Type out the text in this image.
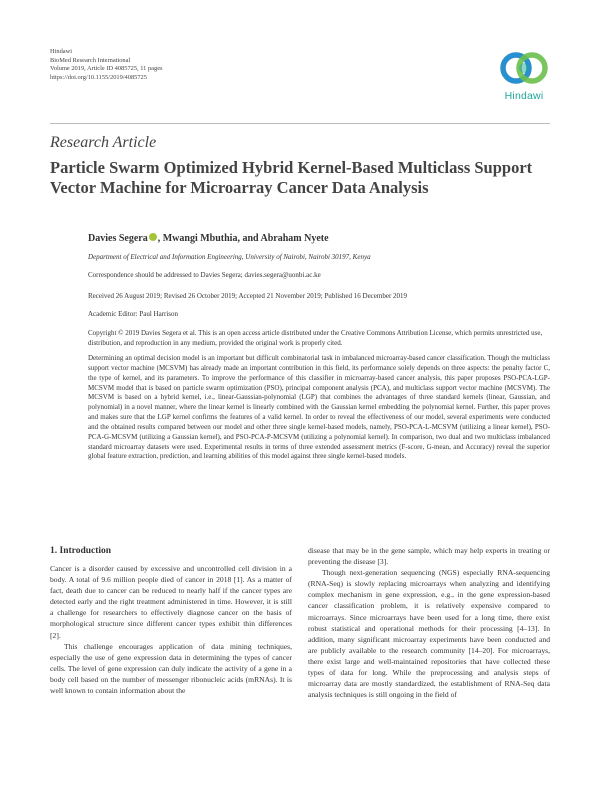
Hindawi
BioMed Research International
Volume 2019, Article ID 4085725, 11 pages
https://doi.org/10.1155/2019/4085725
Hindawi
Research Article
Particle Swarm Optimized Hybrid Kernel-Based Multiclass Support Vector Machine for Microarray Cancer Data Analysis
Davies Segera , Mwangi Mbuthia, and Abraham Nyete
Department of Electrical and Information Engineering, University of Nairobi, Nairobi 30197, Kenya
Correspondence should be addressed to Davies Segera; davies.segera@uonbi.ac.ke
Received 26 August 2019; Revised 26 October 2019; Accepted 21 November 2019; Published 16 December 2019
Academic Editor: Paul Harrison
Copyright © 2019 Davies Segera et al. This is an open access article distributed under the Creative Commons Attribution License, which permits unrestricted use, distribution, and reproduction in any medium, provided the original work is properly cited.
Determining an optimal decision model is an important but difficult combinatorial task in imbalanced microarray-based cancer classification. Though the multiclass support vector machine (MCSVM) has already made an important contribution in this field, its performance solely depends on three aspects: the penalty factor C, the type of kernel, and its parameters. To improve the performance of this classifier in microarray-based cancer analysis, this paper proposes PSO-PCA-LGP-MCSVM model that is based on particle swarm optimization (PSO), principal component analysis (PCA), and multiclass support vector machine (MCSVM). The MCSVM is based on a hybrid kernel, i.e., linear-Gaussian-polynomial (LGP) that combines the advantages of three standard kernels (linear, Gaussian, and polynomial) in a novel manner, where the linear kernel is linearly combined with the Gaussian kernel embedding the polynomial kernel. Further, this paper proves and makes sure that the LGP kernel confirms the features of a valid kernel. In order to reveal the effectiveness of our model, several experiments were conducted and the obtained results compared between our model and other three single kernel-based models, namely, PSO-PCA-L-MCSVM (utilizing a linear kernel), PSO-PCA-G-MCSVM (utilizing a Gaussian kernel), and PSO-PCA-P-MCSVM (utilizing a polynomial kernel). In comparison, two dual and two multiclass imbalanced standard microarray datasets were used. Experimental results in terms of three extended assessment metrics (F-score, G-mean, and Accuracy) reveal the superior global feature extraction, prediction, and learning abilities of this model against three single kernel-based models.
1. Introduction

Cancer is a disorder caused by excessive and uncontrolled cell division in a body. A total of 9.6 million people died of cancer in 2018 [1]. As a matter of fact, death due to cancer can be reduced to nearly half if the cancer types are detected early and the right treatment administered in time. However, it is still a challenge for researchers to effectively diagnose cancer on the basis of morphological structure since different cancer types exhibit thin differences [2].

This challenge encourages application of data mining techniques, especially the use of gene expression data in determining the types of cancer cells. The level of gene expression can duly indicate the activity of a gene in a body cell based on the number of messenger ribonucleic acids (mRNAs). It is well known to contain information about the

disease that may be in the gene sample, which may help experts in treating or preventing the disease [3].

Though next-generation sequencing (NGS) especially RNA-sequencing (RNA-Seq) is slowly replacing microarrays when analyzing and identifying complex mechanism in gene expression, e.g., in the gene expression-based cancer classification problem, it is relatively expensive compared to microarrays. Since microarrays have been used for a long time, there exist robust statistical and operational methods for their processing [4–13]. In addition, many significant microarray experiments have been conducted and are publicly available to the research community [14–20]. For microarrays, there exist large and well-maintained repositories that have collected these types of data for long. While the preprocessing and analysis steps of microarray data are mostly standardized, the establishment of RNA-Seq data analysis techniques is still ongoing in the field of
